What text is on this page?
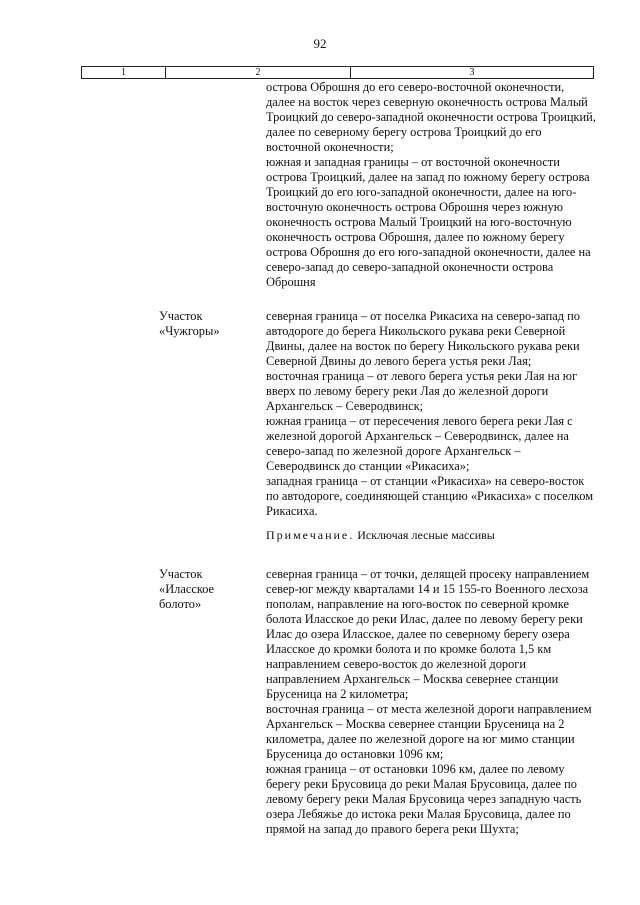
92
1	2	3

острова Оброшня до его северо-восточной оконечности, далее на восток через северную оконечность острова Малый Троицкий до северо-западной оконечности острова Троицкий, далее по северному берегу острова Троицкий до его восточной оконечности;

южная и западная границы – от восточной оконечности острова Троицкий, далее на запад по южному берегу острова Троицкий до его юго-западной оконечности, далее на юго-восточную оконечность острова Оброшня через южную оконечность острова Малый Троицкий на юго-восточную оконечность острова Оброшня, далее по южному берегу острова Оброшня до его юго-западной оконечности, далее на северо-запад до северо-западной оконечности острова Оброшня

Участок
«Чужгоры»

северная граница – от поселка Рикасиха на северо-запад по автодороге до берега Никольского рукава реки Северной Двины, далее на восток по берегу Никольского рукава реки Северной Двины до левого берега устья реки Лая;

восточная граница – от левого берега устья реки Лая на юг вверх по левому берегу реки Лая до железной дороги Архангельск – Северодвинск;

южная граница – от пересечения левого берега реки Лая с железной дорогой Архангельск – Северодвинск, далее на северо-запад по железной дороге Архангельск – Северодвинск до станции «Рикасиха»;

западная граница – от станции «Рикасиха» на северо-восток по автодороге, соединяющей станцию «Рикасиха» с поселком Рикасиха.

Примечание. Исключая лесные массивы

Участок
«Иласское
болото»

северная граница – от точки, делящей просеку направлением север-юг между кварталами 14 и 15 155-го Военного лесхоза пополам, направление на юго-восток по северной кромке болота Иласское до реки Илас, далее по левому берегу реки Илас до озера Иласское, далее по северному берегу озера Иласское до кромки болота и по кромке болота 1,5 км направлением северо-восток до железной дороги направлением Архангельск – Москва севернее станции Брусеница на 2 километра;

восточная граница – от места железной дороги направлением Архангельск – Москва севернее станции Брусеница на 2 километра, далее по железной дороге на юг мимо станции Брусеница до остановки 1096 км;

южная граница – от остановки 1096 км, далее по левому берегу реки Брусовица до реки Малая Брусовица, далее по левому берегу реки Малая Брусовица через западную часть озера Лебяжье до истока реки Малая Брусовица, далее по прямой на запад до правого берега реки Шухта;
